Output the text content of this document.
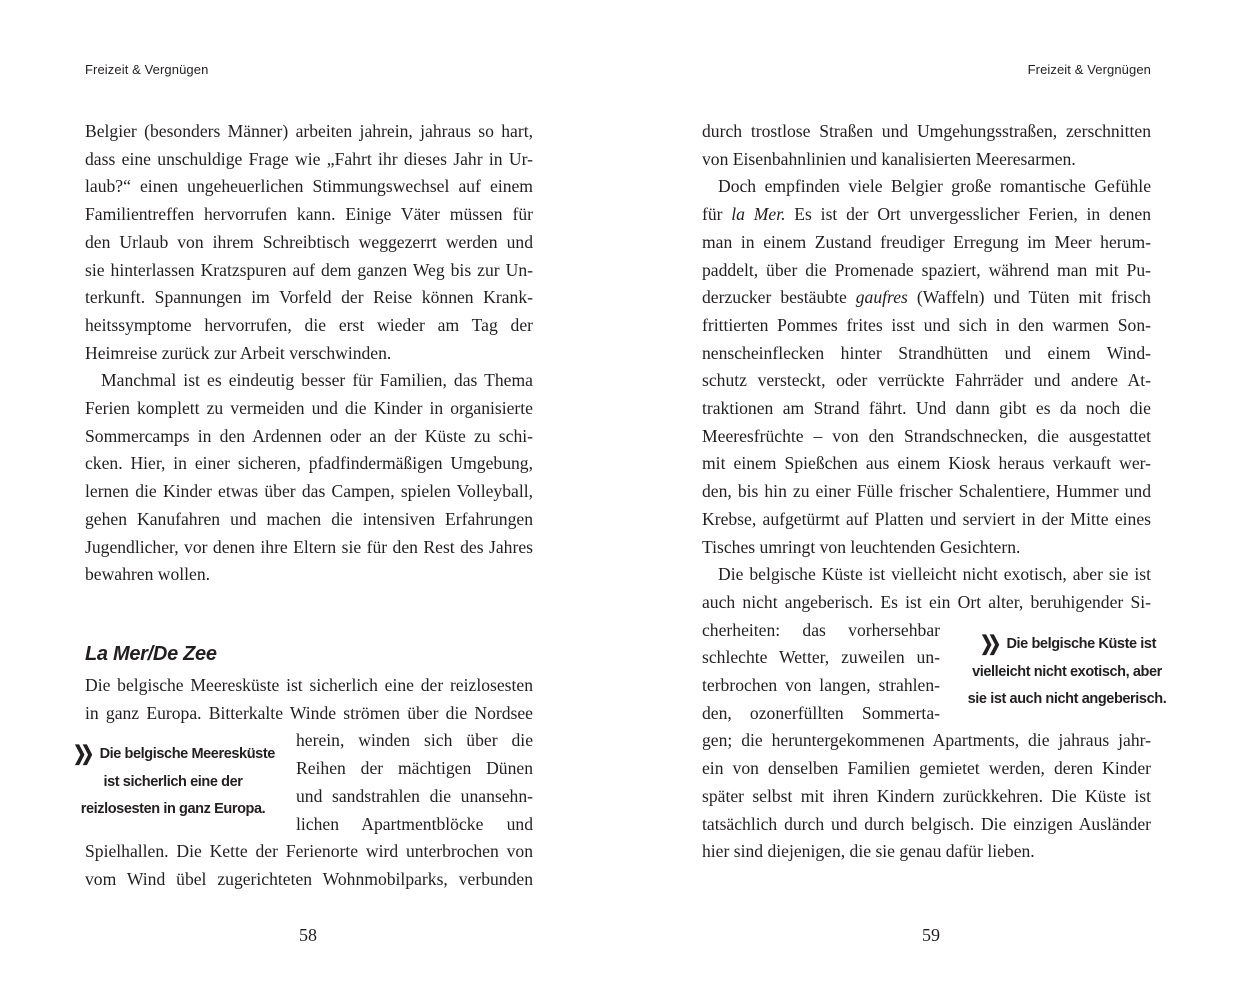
Freizeit & Vergnügen
Belgier (besonders Männer) arbeiten jahrein, jahraus so hart,
dass eine unschuldige Frage wie „Fahrt ihr dieses Jahr in Ur-
laub?“ einen ungeheuerlichen Stimmungswechsel auf einem
Familientreffen hervorrufen kann. Einige Väter müssen für
den Urlaub von ihrem Schreibtisch weggezerrt werden und
sie hinterlassen Kratzspuren auf dem ganzen Weg bis zur Un-
terkunft. Spannungen im Vorfeld der Reise können Krank-
heitssymptome hervorrufen, die erst wieder am Tag der
Heimreise zurück zur Arbeit verschwinden.
Manchmal ist es eindeutig besser für Familien, das Thema
Ferien komplett zu vermeiden und die Kinder in organisierte
Sommercamps in den Ardennen oder an der Küste zu schi-
cken. Hier, in einer sicheren, pfadfindermäßigen Umgebung,
lernen die Kinder etwas über das Campen, spielen Volleyball,
gehen Kanufahren und machen die intensiven Erfahrungen
Jugendlicher, vor denen ihre Eltern sie für den Rest des Jahres
bewahren wollen.
La Mer/De Zee
Die belgische Meeresküste ist sicherlich eine der reizlosesten
in ganz Europa. Bitterkalte Winde strömen über die Nordsee
herein, winden sich über die
Reihen der mächtigen Dünen
und sandstrahlen die unansehn-
lichen Apartmentblöcke und
Spielhallen. Die Kette der Ferienorte wird unterbrochen von
vom Wind übel zugerichteten Wohnmobilparks, verbunden
❯❯ Die belgische Meeresküste
ist sicherlich eine der
reizlosesten in ganz Europa.
58
Freizeit & Vergnügen
durch trostlose Straßen und Umgehungsstraßen, zerschnitten
von Eisenbahnlinien und kanalisierten Meeresarmen.
Doch empfinden viele Belgier große romantische Gefühle
für la Mer. Es ist der Ort unvergesslicher Ferien, in denen
man in einem Zustand freudiger Erregung im Meer herum-
paddelt, über die Promenade spaziert, während man mit Pu-
derzucker bestäubte gaufres (Waffeln) und Tüten mit frisch
frittierten Pommes frites isst und sich in den warmen Son-
nenscheinflecken hinter Strandhütten und einem Wind-
schutz versteckt, oder verrückte Fahrräder und andere At-
traktionen am Strand fährt. Und dann gibt es da noch die
Meeresfrüchte – von den Strandschnecken, die ausgestattet
mit einem Spießchen aus einem Kiosk heraus verkauft wer-
den, bis hin zu einer Fülle frischer Schalentiere, Hummer und
Krebse, aufgetürmt auf Platten und serviert in der Mitte eines
Tisches umringt von leuchtenden Gesichtern.
Die belgische Küste ist vielleicht nicht exotisch, aber sie ist
auch nicht angeberisch. Es ist ein Ort alter, beruhigender Si-
cherheiten: das vorhersehbar
schlechte Wetter, zuweilen un-
terbrochen von langen, strahlen-
den, ozonerfüllten Sommerta-
gen; die heruntergekommenen Apartments, die jahraus jahr-
ein von denselben Familien gemietet werden, deren Kinder
später selbst mit ihren Kindern zurückkehren. Die Küste ist
tatsächlich durch und durch belgisch. Die einzigen Ausländer
hier sind diejenigen, die sie genau dafür lieben.
❯❯ Die belgische Küste ist
vielleicht nicht exotisch, aber
sie ist auch nicht angeberisch.
59
